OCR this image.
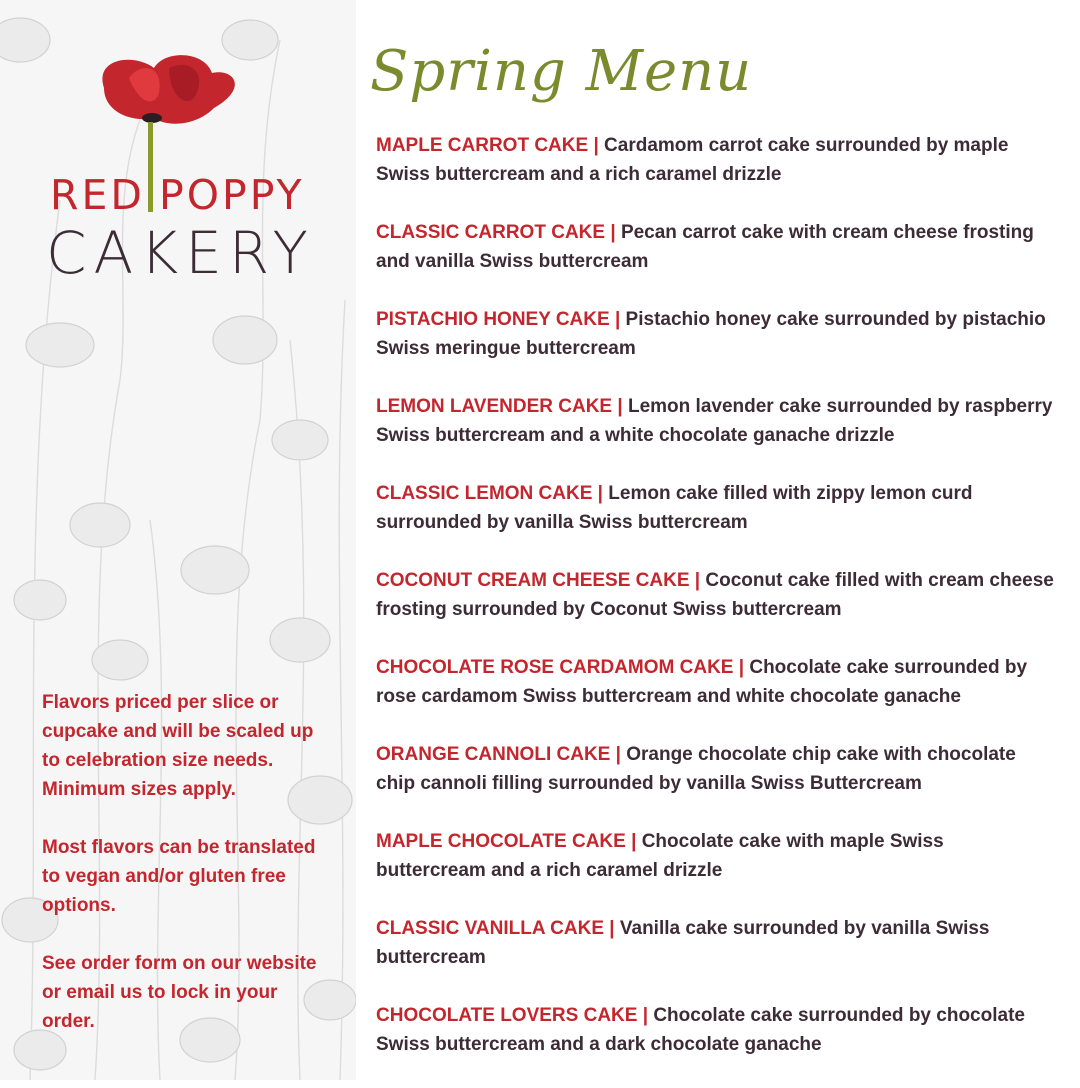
RED POPPY
CAKERY

Flavors priced per slice or cupcake and will be scaled up to celebration size needs. Minimum sizes apply.

Most flavors can be translated to vegan and/or gluten free options.

See order form on our website or email us to lock in your order.

Spring Menu

MAPLE CARROT CAKE | Cardamom carrot cake surrounded by maple Swiss buttercream and a rich caramel drizzle

CLASSIC CARROT CAKE | Pecan carrot cake with cream cheese frosting and vanilla Swiss buttercream

PISTACHIO HONEY CAKE | Pistachio honey cake surrounded by pistachio Swiss meringue buttercream

LEMON LAVENDER CAKE | Lemon lavender cake surrounded by raspberry Swiss buttercream and a white chocolate ganache drizzle

CLASSIC LEMON CAKE | Lemon cake filled with zippy lemon curd surrounded by vanilla Swiss buttercream

COCONUT CREAM CHEESE CAKE | Coconut cake filled with cream cheese frosting surrounded by Coconut Swiss buttercream

CHOCOLATE ROSE CARDAMOM CAKE | Chocolate cake surrounded by rose cardamom Swiss buttercream and white chocolate ganache

ORANGE CANNOLI CAKE | Orange chocolate chip cake with chocolate chip cannoli filling surrounded by vanilla Swiss Buttercream

MAPLE CHOCOLATE CAKE | Chocolate cake with maple Swiss buttercream and a rich caramel drizzle

CLASSIC VANILLA CAKE | Vanilla cake surrounded by vanilla Swiss buttercream

CHOCOLATE LOVERS CAKE | Chocolate cake surrounded by chocolate Swiss buttercream and a dark chocolate ganache
